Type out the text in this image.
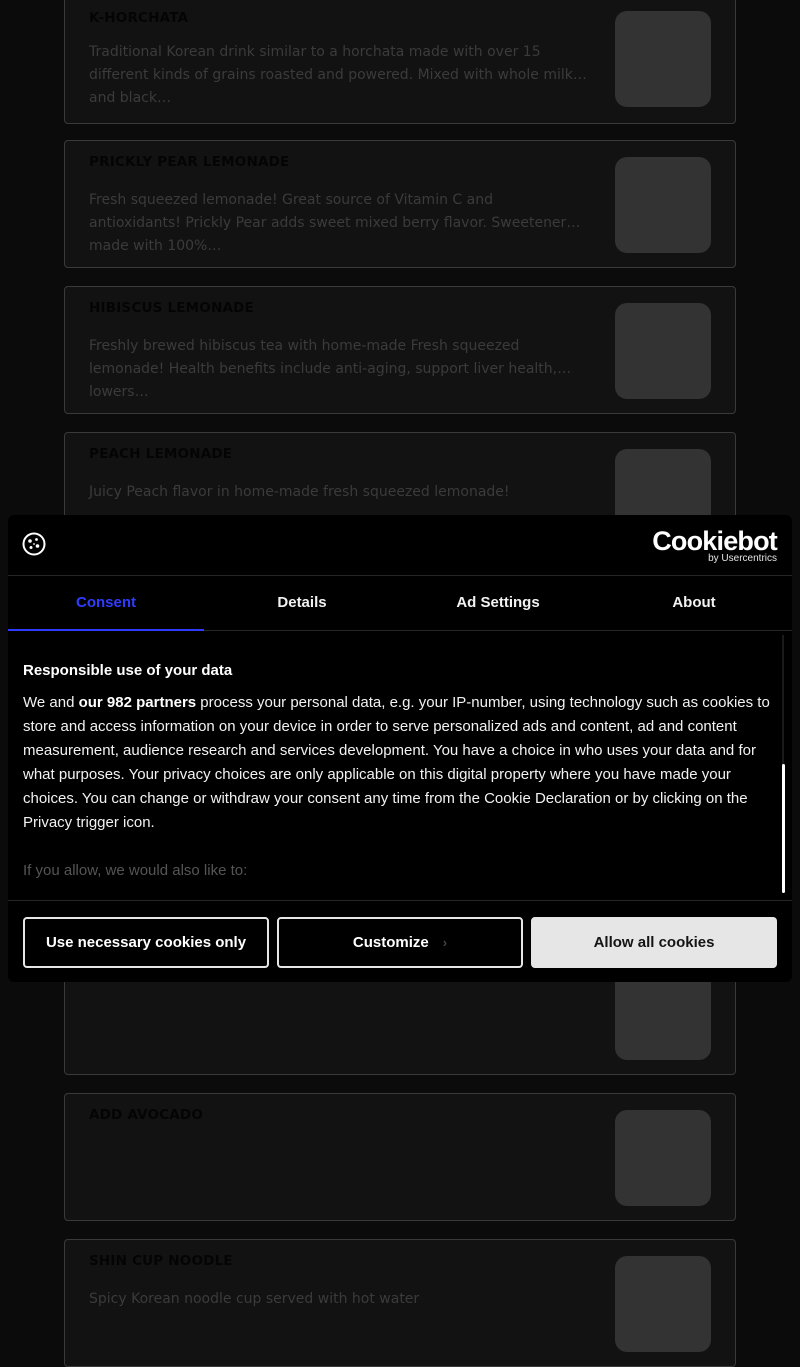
K-HORCHATA
Traditional Korean drink similar to a horchata made with over 15 different kinds of grains roasted and powered. Mixed with whole milk and black…
PRICKLY PEAR LEMONADE
Fresh squeezed lemonade! Great source of Vitamin C and antioxidants! Prickly Pear adds sweet mixed berry flavor. Sweetener made with 100%…
HIBISCUS LEMONADE
Freshly brewed hibiscus tea with home-made Fresh squeezed lemonade! Health benefits include anti-aging, support liver health, lowers…
PEACH LEMONADE
Juicy Peach flavor in home-made fresh squeezed lemonade!
ADD AVOCADO
SHIN CUP NOODLE
Spicy Korean noodle cup served with hot water
Cookiebot
by Usercentrics
Consent	Details	Ad Settings	About

Responsible use of your data

We and our 982 partners process your personal data, e.g. your IP-number, using technology such as cookies to store and access information on your device in order to serve personalized ads and content, ad and content measurement, audience research and services development. You have a choice in who uses your data and for what purposes. Your privacy choices are only applicable on this digital property where you have made your choices. You can change or withdraw your consent any time from the Cookie Declaration or by clicking on the Privacy trigger icon.

If you allow, we would also like to:

Use necessary cookies only	Customize ›	Allow all cookies
